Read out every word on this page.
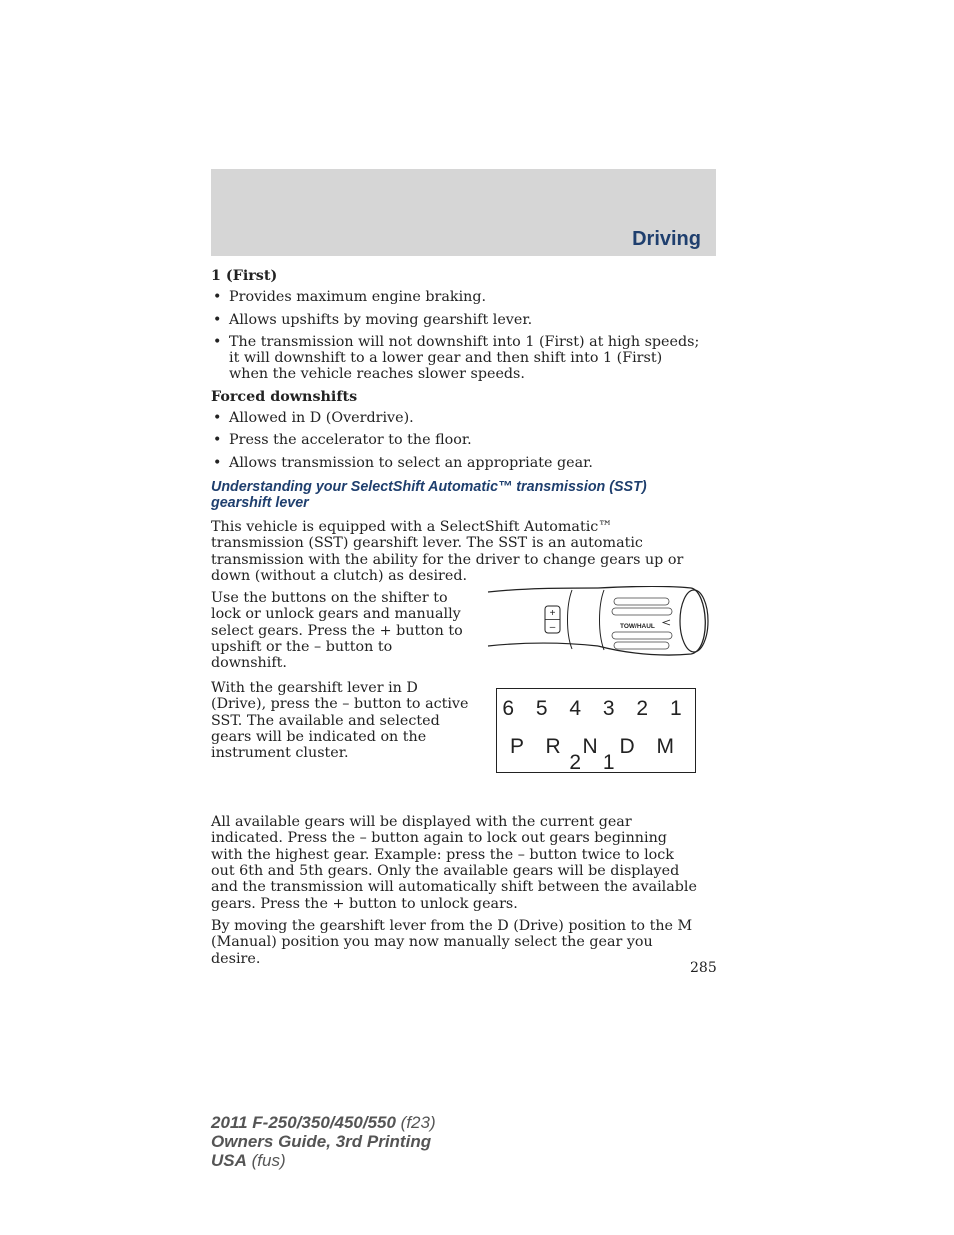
Driving
1 (First)
• Provides maximum engine braking.
• Allows upshifts by moving gearshift lever.
• The transmission will not downshift into 1 (First) at high speeds; it will downshift to a lower gear and then shift into 1 (First) when the vehicle reaches slower speeds.
Forced downshifts
• Allowed in D (Overdrive).
• Press the accelerator to the floor.
• Allows transmission to select an appropriate gear.
Understanding your SelectShift Automatic™ transmission (SST) gearshift lever

This vehicle is equipped with a SelectShift Automatic™ transmission (SST) gearshift lever. The SST is an automatic transmission with the ability for the driver to change gears up or down (without a clutch) as desired.

Use the buttons on the shifter to lock or unlock gears and manually select gears. Press the + button to upshift or the – button to downshift.

TOW/HAUL
+
–

With the gearshift lever in D (Drive), press the – button to active SST. The available and selected gears will be indicated on the instrument cluster.

6 5 4 3 2 1
P R N D M 2 1

All available gears will be displayed with the current gear indicated. Press the – button again to lock out gears beginning with the highest gear. Example: press the – button twice to lock out 6th and 5th gears. Only the available gears will be displayed and the transmission will automatically shift between the available gears. Press the + button to unlock gears.

By moving the gearshift lever from the D (Drive) position to the M (Manual) position you may now manually select the gear you desire.

285
2011 F-250/350/450/550 (f23)
Owners Guide, 3rd Printing
USA (fus)
